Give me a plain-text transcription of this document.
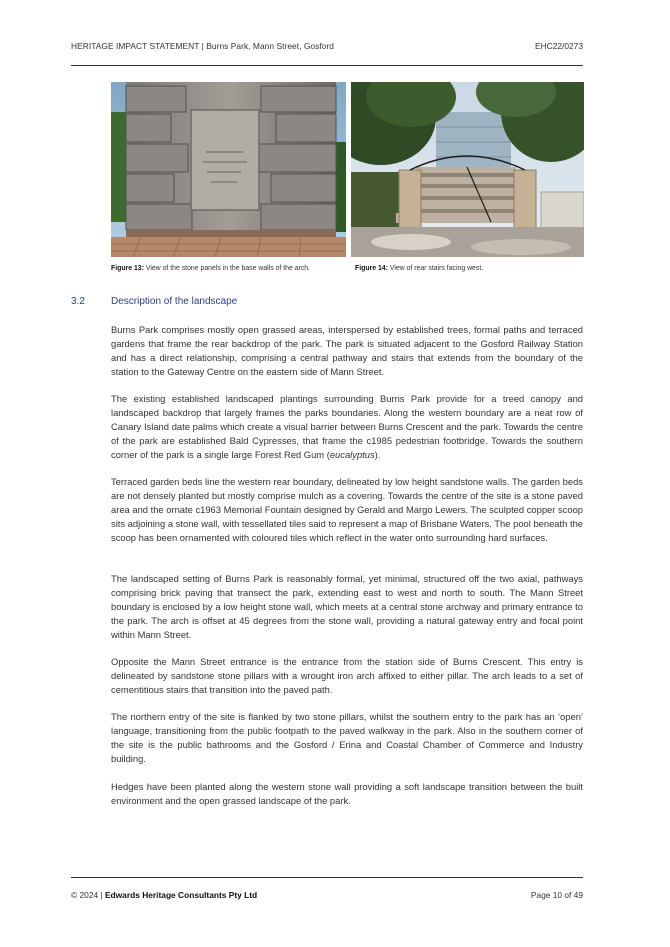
HERITAGE IMPACT STATEMENT | Burns Park, Mann Street, Gosford	EHC22/0273
Figure 13: View of the stone panels in the base walls of the arch.	Figure 14: View of rear stairs facing west.
3.2	Description of the landscape

Burns Park comprises mostly open grassed areas, interspersed by established trees, formal paths and terraced gardens that frame the rear backdrop of the park. The park is situated adjacent to the Gosford Railway Station and has a direct relationship, comprising a central pathway and stairs that extends from the boundary of the station to the Gateway Centre on the eastern side of Mann Street.

The existing established landscaped plantings surrounding Burns Park provide for a treed canopy and landscaped backdrop that largely frames the parks boundaries. Along the western boundary are a neat row of Canary Island date palms which create a visual barrier between Burns Crescent and the park. Towards the centre of the park are established Bald Cypresses, that frame the c1985 pedestrian footbridge. Towards the southern corner of the park is a single large Forest Red Gum (eucalyptus).

Terraced garden beds line the western rear boundary, delineated by low height sandstone walls. The garden beds are not densely planted but mostly comprise mulch as a covering. Towards the centre of the site is a stone paved area and the ornate c1963 Memorial Fountain designed by Gerald and Margo Lewers. The sculpted copper scoop sits adjoining a stone wall, with tessellated tiles said to represent a map of Brisbane Waters. The pool beneath the scoop has been ornamented with coloured tiles which reflect in the water onto surrounding hard surfaces.

The landscaped setting of Burns Park is reasonably formal, yet minimal, structured off the two axial, pathways comprising brick paving that transect the park, extending east to west and north to south. The Mann Street boundary is enclosed by a low height stone wall, which meets at a central stone archway and primary entrance to the park. The arch is offset at 45 degrees from the stone wall, providing a natural gateway entry and focal point within Mann Street.

Opposite the Mann Street entrance is the entrance from the station side of Burns Crescent. This entry is delineated by sandstone stone pillars with a wrought iron arch affixed to either pillar. The arch leads to a set of cementitious stairs that transition into the paved path.

The northern entry of the site is flanked by two stone pillars, whilst the southern entry to the park has an ‘open’ language, transitioning from the public footpath to the paved walkway in the park. Also in the southern corner of the site is the public bathrooms and the Gosford / Erina and Coastal Chamber of Commerce and Industry building.

Hedges have been planted along the western stone wall providing a soft landscape transition between the built environment and the open grassed landscape of the park.

© 2024 | Edwards Heritage Consultants Pty Ltd	Page 10 of 49
